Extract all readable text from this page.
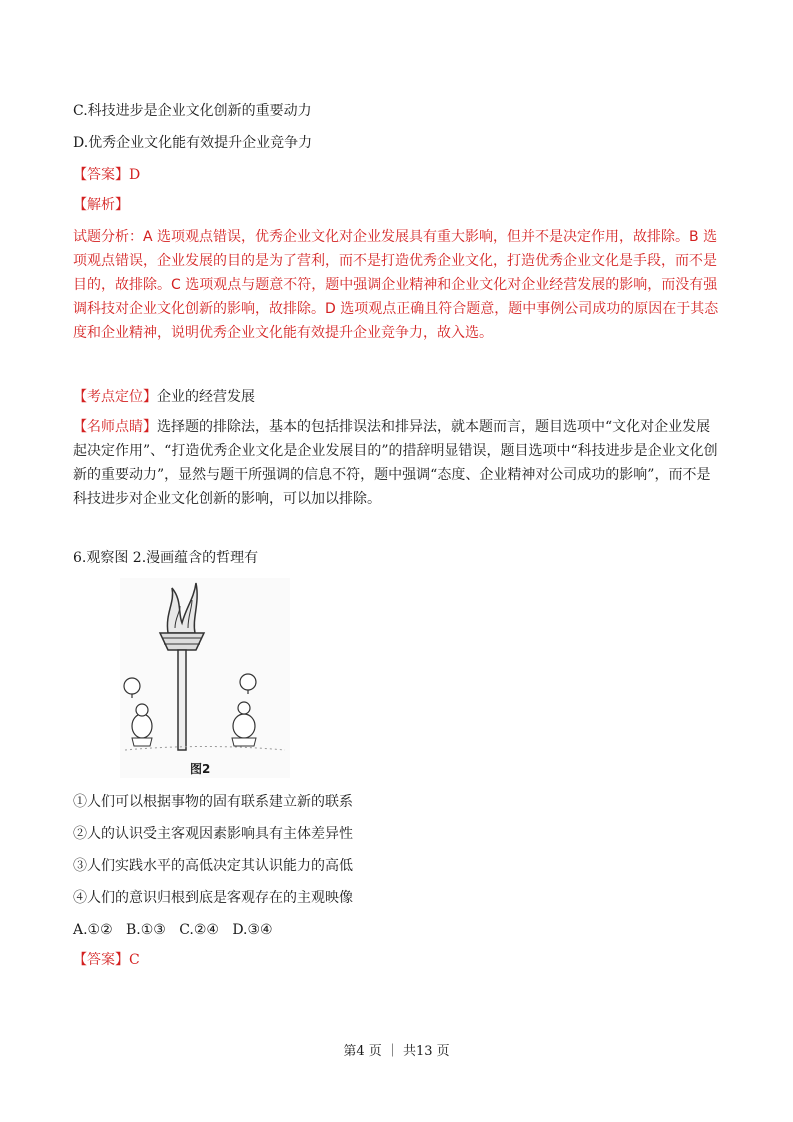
C.科技进步是企业文化创新的重要动力
D.优秀企业文化能有效提升企业竞争力
【答案】D
【解析】
试题分析：A 选项观点错误，优秀企业文化对企业发展具有重大影响，但并不是决定作用，故排除。B 选项观点错误，企业发展的目的是为了营利，而不是打造优秀企业文化，打造优秀企业文化是手段，而不是目的，故排除。C 选项观点与题意不符，题中强调企业精神和企业文化对企业经营发展的影响，而没有强调科技对企业文化创新的影响，故排除。D 选项观点正确且符合题意，题中事例公司成功的原因在于其态度和企业精神，说明优秀企业文化能有效提升企业竞争力，故入选。
【考点定位】企业的经营发展
【名师点睛】选择题的排除法，基本的包括排误法和排异法，就本题而言，题目选项中“文化对企业发展起决定作用”、“打造优秀企业文化是企业发展目的”的措辞明显错误，题目选项中“科技进步是企业文化创新的重要动力”，显然与题干所强调的信息不符，题中强调“态度、企业精神对公司成功的影响”，而不是科技进步对企业文化创新的影响，可以加以排除。
6.观察图 2.漫画蕴含的哲理有
图2
①人们可以根据事物的固有联系建立新的联系
②人的认识受主客观因素影响具有主体差异性
③人们实践水平的高低决定其认识能力的高低
④人们的意识归根到底是客观存在的主观映像
A.①②   B.①③   C.②④   D.③④
【答案】C
第4 页 ｜ 共13 页
